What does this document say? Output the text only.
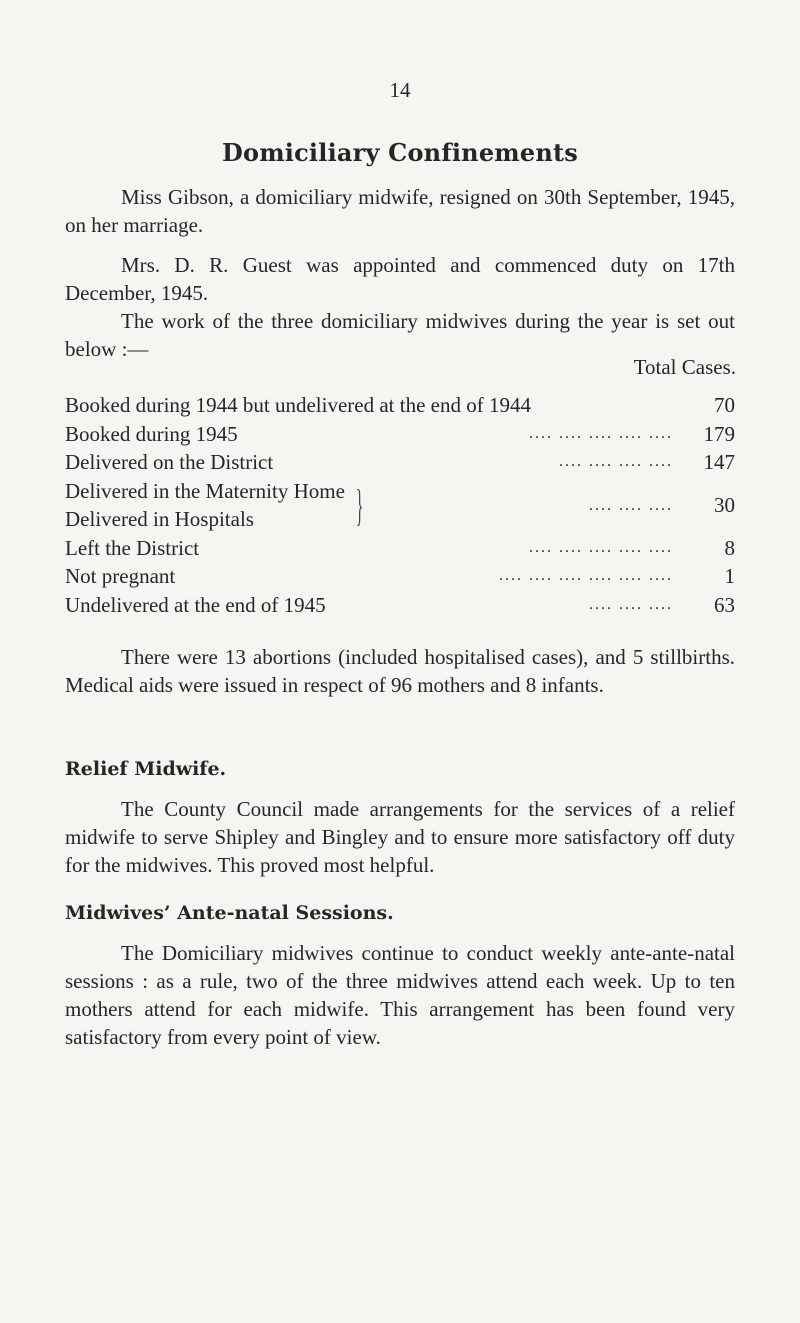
14
Domiciliary Confinements

Miss Gibson, a domiciliary midwife, resigned on 30th September, 1945, on her marriage.

Mrs. D. R. Guest was appointed and commenced duty on 17th December, 1945.

The work of the three domiciliary midwives during the year is set out below :—

Total Cases.
Booked during 1944 but undelivered at the end of 1944	70
Booked during 1945	.... .... .... .... ....	179
Delivered on the District	.... .... .... ....	147
Delivered in the Maternity Home
Delivered in Hospitals	}	.... .... ....	30
Left the District	.... .... .... .... ....	8
Not pregnant	.... .... .... .... .... ....	1
Undelivered at the end of 1945	.... .... ....	63

There were 13 abortions (included hospitalised cases), and 5 stillbirths. Medical aids were issued in respect of 96 mothers and 8 infants.

Relief Midwife.

The County Council made arrangements for the services of a relief midwife to serve Shipley and Bingley and to ensure more satisfactory off duty for the midwives. This proved most helpful.

Midwives’ Ante-natal Sessions.

The Domiciliary midwives continue to conduct weekly ante-ante-natal sessions : as a rule, two of the three midwives attend each week. Up to ten mothers attend for each midwife. This arrangement has been found very satisfactory from every point of view.
